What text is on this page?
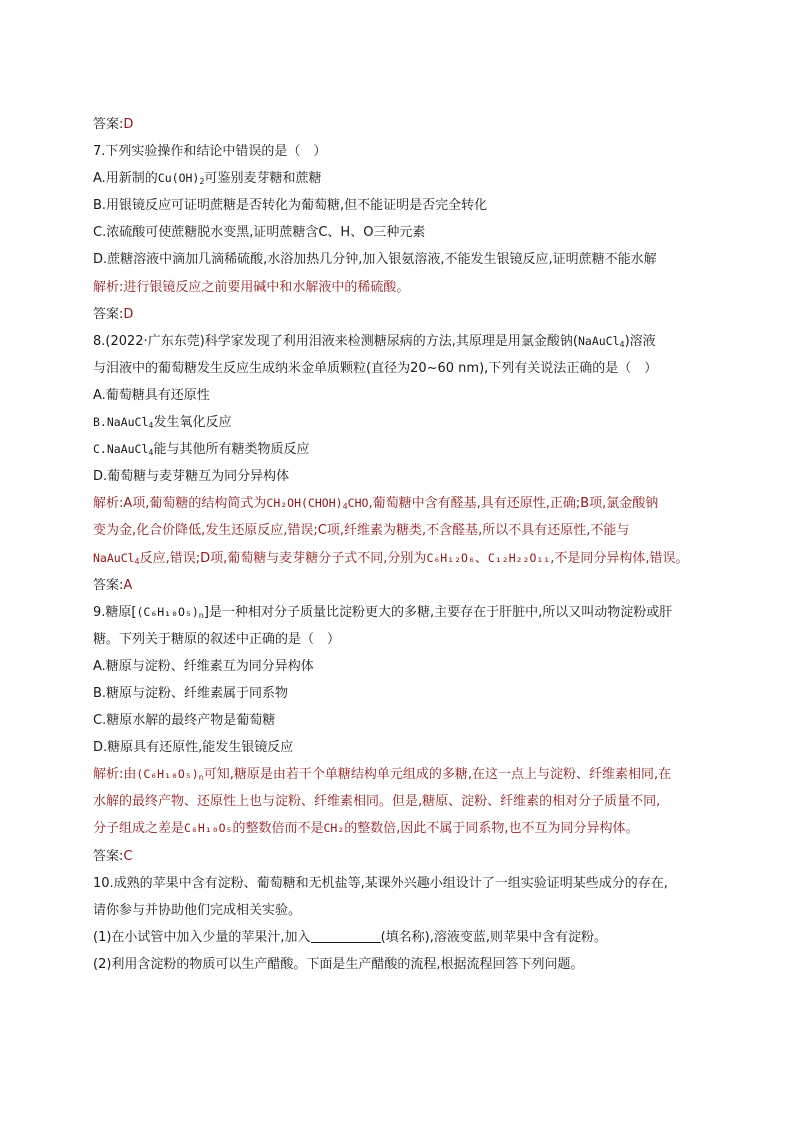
答案:D
7.下列实验操作和结论中错误的是（　）
A.用新制的$Cu(OH)_2$可鉴别麦芽糖和蔗糖
B.用银镜反应可证明蔗糖是否转化为葡萄糖,但不能证明是否完全转化
C.浓硫酸可使蔗糖脱水变黑,证明蔗糖含C、H、O三种元素
D.蔗糖溶液中滴加几滴稀硫酸,水浴加热几分钟,加入银氨溶液,不能发生银镜反应,证明蔗糖不能水解
解析:进行银镜反应之前要用碱中和水解液中的稀硫酸。
答案:D
8.(2022·广东东莞)科学家发现了利用泪液来检测糖尿病的方法,其原理是用氯金酸钠(NaAuCl$_4$)溶液
与泪液中的葡萄糖发生反应生成纳米金单质颗粒(直径为20~60 nm),下列有关说法正确的是（　）
A.葡萄糖具有还原性
B.NaAuCl$_4$发生氧化反应
C.NaAuCl$_4$能与其他所有糖类物质反应
D.葡萄糖与麦芽糖互为同分异构体
解析:A项,葡萄糖的结构简式为$CH_2OH(CHOH)_4CHO$,葡萄糖中含有醛基,具有还原性,正确;B项,氯金酸钠
变为金,化合价降低,发生还原反应,错误;C项,纤维素为糖类,不含醛基,所以不具有还原性,不能与
NaAuCl$_4$反应,错误;D项,葡萄糖与麦芽糖分子式不同,分别为C₆H₁₂O₆、C₁₂H₂₂O₁₁,不是同分异构体,错误。
答案:A
9.糖原$[(C_6H_{10}O_5)_n]$是一种相对分子质量比淀粉更大的多糖,主要存在于肝脏中,所以又叫动物淀粉或肝
糖。下列关于糖原的叙述中正确的是（　）
A.糖原与淀粉、纤维素互为同分异构体
B.糖原与淀粉、纤维素属于同系物
C.糖原水解的最终产物是葡萄糖
D.糖原具有还原性,能发生银镜反应
解析:由$(C_6H_{10}O_5)_n$可知,糖原是由若干个单糖结构单元组成的多糖,在这一点上与淀粉、纤维素相同,在
水解的最终产物、还原性上也与淀粉、纤维素相同。但是,糖原、淀粉、纤维素的相对分子质量不同,
分子组成之差是C₆H₁₀O₅的整数倍而不是CH₂的整数倍,因此不属于同系物,也不互为同分异构体。
答案:C
10.成熟的苹果中含有淀粉、葡萄糖和无机盐等,某课外兴趣小组设计了一组实验证明某些成分的存在,
请你参与并协助他们完成相关实验。
(1)在小试管中加入少量的苹果汁,加入	(填名称),溶液变蓝,则苹果中含有淀粉。
(2)利用含淀粉的物质可以生产醋酸。下面是生产醋酸的流程,根据流程回答下列问题。
